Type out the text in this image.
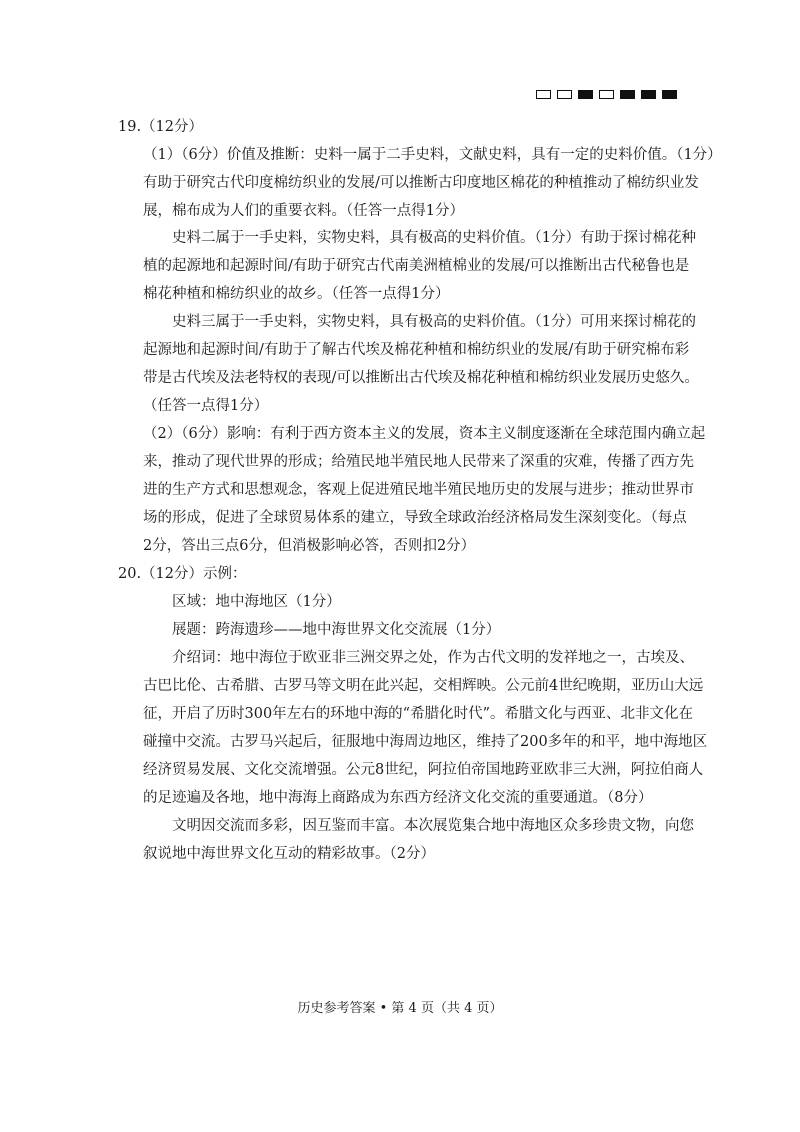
19.（12分）
（1）（6分）价值及推断：史料一属于二手史料，文献史料，具有一定的史料价值。（1分）
有助于研究古代印度棉纺织业的发展/可以推断古印度地区棉花的种植推动了棉纺织业发
展，棉布成为人们的重要衣料。（任答一点得1分）
史料二属于一手史料，实物史料，具有极高的史料价值。（1分）有助于探讨棉花种
植的起源地和起源时间/有助于研究古代南美洲植棉业的发展/可以推断出古代秘鲁也是
棉花种植和棉纺织业的故乡。（任答一点得1分）
史料三属于一手史料，实物史料，具有极高的史料价值。（1分）可用来探讨棉花的
起源地和起源时间/有助于了解古代埃及棉花种植和棉纺织业的发展/有助于研究棉布彩
带是古代埃及法老特权的表现/可以推断出古代埃及棉花种植和棉纺织业发展历史悠久。
（任答一点得1分）
（2）（6分）影响：有利于西方资本主义的发展，资本主义制度逐渐在全球范围内确立起
来，推动了现代世界的形成；给殖民地半殖民地人民带来了深重的灾难，传播了西方先
进的生产方式和思想观念，客观上促进殖民地半殖民地历史的发展与进步；推动世界市
场的形成，促进了全球贸易体系的建立，导致全球政治经济格局发生深刻变化。（每点
2分，答出三点6分，但消极影响必答，否则扣2分）
20.（12分）示例：
区域：地中海地区（1分）
展题：跨海遗珍——地中海世界文化交流展（1分）
介绍词：地中海位于欧亚非三洲交界之处，作为古代文明的发祥地之一，古埃及、
古巴比伦、古希腊、古罗马等文明在此兴起，交相辉映。公元前4世纪晚期，亚历山大远
征，开启了历时300年左右的环地中海的“希腊化时代”。希腊文化与西亚、北非文化在
碰撞中交流。古罗马兴起后，征服地中海周边地区，维持了200多年的和平，地中海地区
经济贸易发展、文化交流增强。公元8世纪，阿拉伯帝国地跨亚欧非三大洲，阿拉伯商人
的足迹遍及各地，地中海海上商路成为东西方经济文化交流的重要通道。（8分）
文明因交流而多彩，因互鉴而丰富。本次展览集合地中海地区众多珍贵文物，向您
叙说地中海世界文化互动的精彩故事。（2分）
历史参考答案 • 第 4 页（共 4 页）
